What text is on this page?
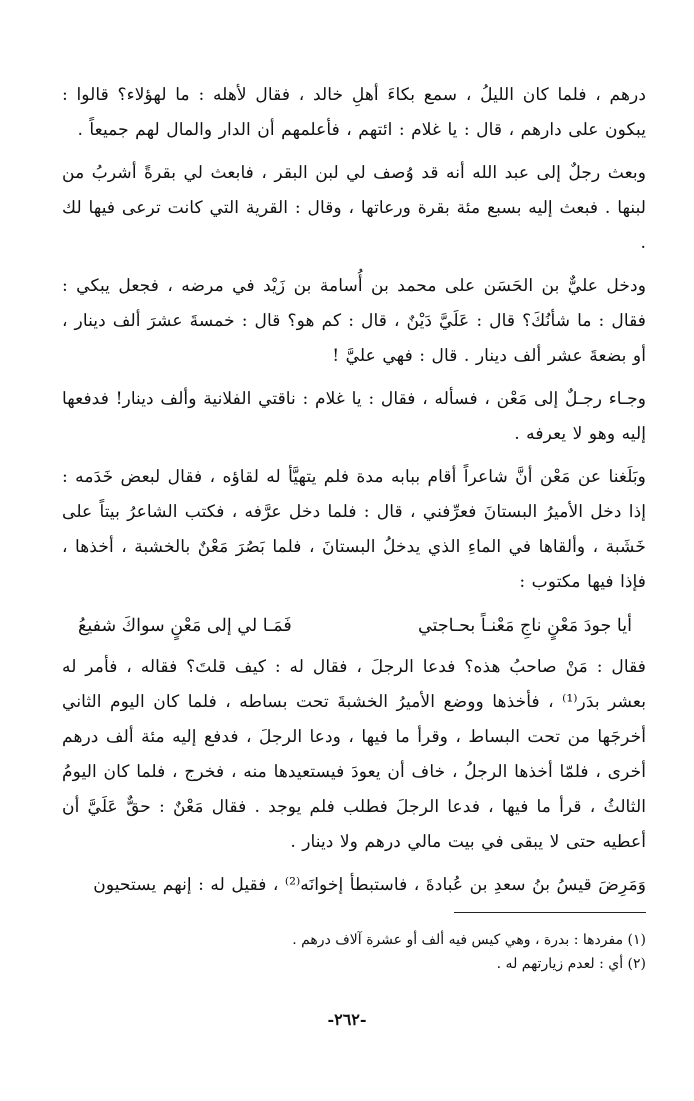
درهم ، فلما كان الليلُ ، سمع بكاءَ أهلِ خالد ، فقال لأهله : ما لهؤلاء؟ قالوا : يبكون على دارهم ، قال : يا غلام : ائتهم ، فأعلمهم أن الدار والمال لهم جميعاً .

وبعث رجلٌ إلى عبد الله أنه قد وُصف لي لبن البقر ، فابعث لي بقرةً أشربُ من لبنها . فبعث إليه بسبع مئة بقرة ورعاتها ، وقال : القرية التي كانت ترعى فيها لك .

ودخل عليٌّ بن الحَسَن على محمد بن أُسامة بن زَيْد في مرضه ، فجعل يبكي : فقال : ما شأنُكَ؟ قال : عَلَيَّ دَيْنٌ ، قال : كم هو؟ قال : خمسةَ عشرَ ألف دينار ، أو بضعةَ عشر ألف دينار . قال : فهي عليَّ !

وجـاء رجـلٌ إلى مَعْن ، فسأله ، فقال : يا غلام : ناقتي الفلانية وألف دينار! فدفعها إليه وهو لا يعرفه .

وبَلَغنا عن مَعْن أنَّ شاعراً أقام ببابه مدة فلم يتهيَّأ له لقاؤه ، فقال لبعض خَدَمه : إذا دخل الأميرُ البستانَ فعرِّفني ، قال : فلما دخل عرَّفه ، فكتب الشاعرُ بيتاً على خَشَبة ، وألقاها في الماءِ الذي يدخلُ البستانَ ، فلما بَصُرَ مَعْنٌ بالخشبة ، أخذها ، فإذا فيها مكتوب :

أيا جودَ مَعْنٍ ناجِ مَعْنـاً بحـاجتي
فَمَـا لي إلى مَعْنٍ سواكَ شفيعُ

فقال : مَنْ صاحبُ هذه؟ فدعا الرجلَ ، فقال له : كيف قلتَ؟ فقاله ، فأمر له بعشر بدَر⁽¹⁾ ، فأخذها ووضع الأميرُ الخشبةَ تحت بساطه ، فلما كان اليوم الثاني أخرجَها من تحت البساط ، وقرأ ما فيها ، ودعا الرجلَ ، فدفع إليه مئة ألف درهم أخرى ، فلمّا أخذها الرجلُ ، خاف أن يعودَ فيستعيدها منه ، فخرج ، فلما كان اليومُ الثالثُ ، قرأ ما فيها ، فدعا الرجلَ فطلب فلم يوجد . فقال مَعْنٌ : حقٌّ عَلَيَّ أن أعطيه حتى لا يبقى في بيت مالي درهم ولا دينار .

وَمَرِضَ قيسُ بنُ سعدِ بن عُبادةَ ، فاستبطأ إخوانَه⁽²⁾ ، فقيل له : إنهم يستحيون

(١) مفردها : بدرة ، وهي كيس فيه ألف أو عشرة آلاف درهم .
(٢) أي : لعدم زيارتهم له .
-٢٦٢-
